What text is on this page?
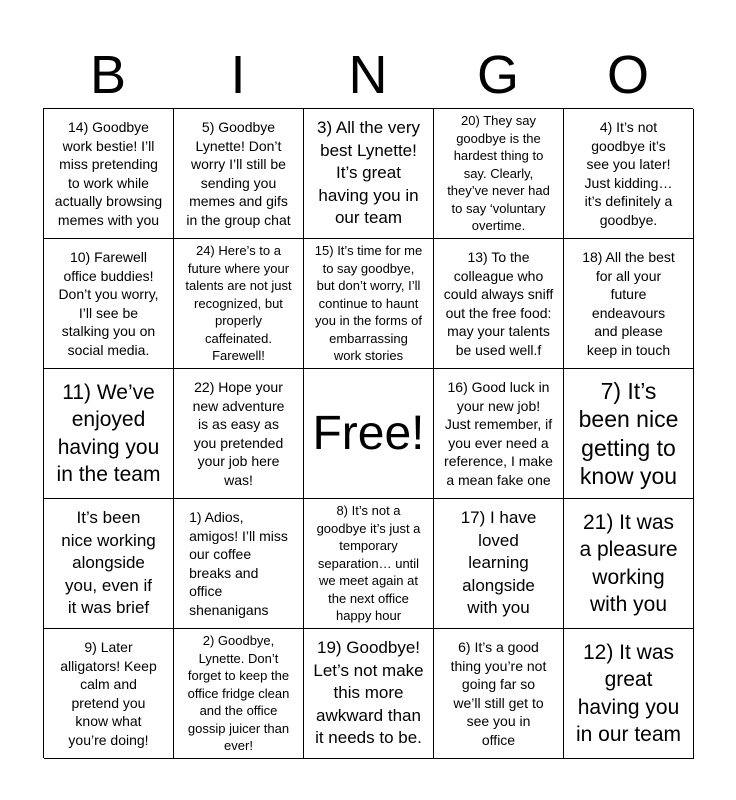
B	I	N	G	O
14) Goodbye
work bestie! I’ll
miss pretending
to work while
actually browsing
memes with you
5) Goodbye
Lynette! Don’t
worry I’ll still be
sending you
memes and gifs
in the group chat
3) All the very
best Lynette!
It’s great
having you in
our team
20) They say
goodbye is the
hardest thing to
say. Clearly,
they’ve never had
to say ‘voluntary
overtime.
4) It’s not
goodbye it’s
see you later!
Just kidding…
it’s definitely a
goodbye.
10) Farewell
office buddies!
Don’t you worry,
I’ll see be
stalking you on
social media.
24) Here’s to a
future where your
talents are not just
recognized, but
properly
caffeinated.
Farewell!
15) It’s time for me
to say goodbye,
but don’t worry, I’ll
continue to haunt
you in the forms of
embarrassing
work stories
13) To the
colleague who
could always sniff
out the free food:
may your talents
be used well.f
18) All the best
for all your
future
endeavours
and please
keep in touch
11) We’ve
enjoyed
having you
in the team
22) Hope your
new adventure
is as easy as
you pretended
your job here
was!
Free!
16) Good luck in
your new job!
Just remember, if
you ever need a
reference, I make
a mean fake one
7) It’s
been nice
getting to
know you
It’s been
nice working
alongside
you, even if
it was brief
1) Adios,
amigos! I’ll miss
our coffee
breaks and
office
shenanigans
8) It’s not a
goodbye it’s just a
temporary
separation… until
we meet again at
the next office
happy hour
17) I have
loved
learning
alongside
with you
21) It was
a pleasure
working
with you
9) Later
alligators! Keep
calm and
pretend you
know what
you’re doing!
2) Goodbye,
Lynette. Don’t
forget to keep the
office fridge clean
and the office
gossip juicer than
ever!
19) Goodbye!
Let’s not make
this more
awkward than
it needs to be.
6) It’s a good
thing you’re not
going far so
we’ll still get to
see you in
office
12) It was
great
having you
in our team
